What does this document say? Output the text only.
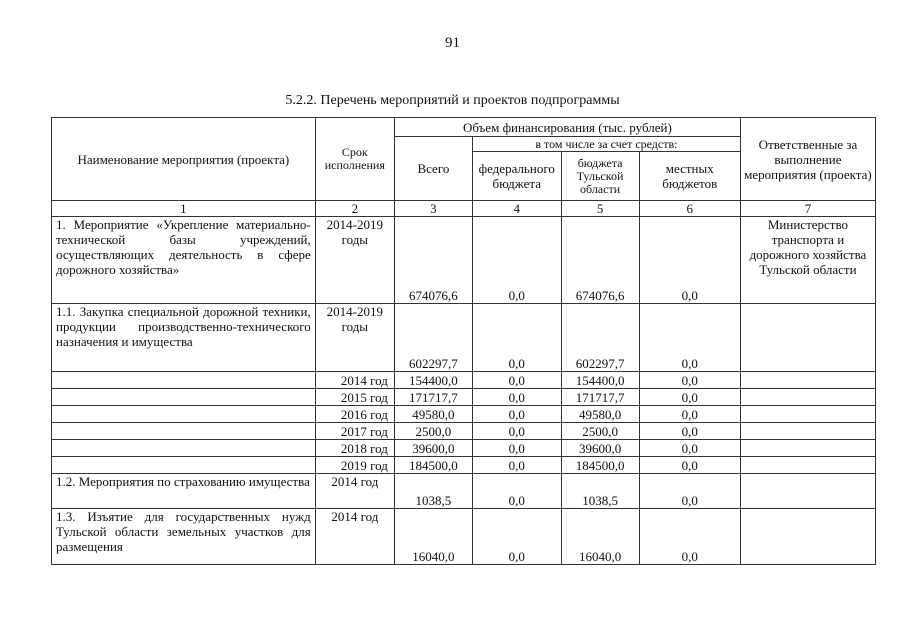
91
5.2.2. Перечень мероприятий и проектов подпрограммы
Наименование мероприятия (проекта)	Срок исполнения	Объем финансирования (тыс. рублей)				Ответственные за выполнение мероприятия (проекта)
		Всего	в том числе за счет средств:			
			федерального бюджета	бюджета Тульской области	местных бюджетов	
1	2	3	4	5	6	7
1. Мероприятие «Укрепление материально-технической базы учреждений, осуществляющих деятельность в сфере дорожного хозяйства»	2014-2019 годы	674076,6	0,0	674076,6	0,0	Министерство транспорта и дорожного хозяйства Тульской области
1.1. Закупка специальной дорожной техники, продукции производственно-технического назначения и имущества	2014-2019 годы	602297,7	0,0	602297,7	0,0	
	2014 год	154400,0	0,0	154400,0	0,0	
	2015 год	171717,7	0,0	171717,7	0,0	
	2016 год	49580,0	0,0	49580,0	0,0	
	2017 год	2500,0	0,0	2500,0	0,0	
	2018 год	39600,0	0,0	39600,0	0,0	
	2019 год	184500,0	0,0	184500,0	0,0	
1.2. Мероприятия по страхованию имущества	2014 год	1038,5	0,0	1038,5	0,0	
1.3. Изъятие для государственных нужд Тульской области земельных участков для размещения	2014 год	16040,0	0,0	16040,0	0,0	
